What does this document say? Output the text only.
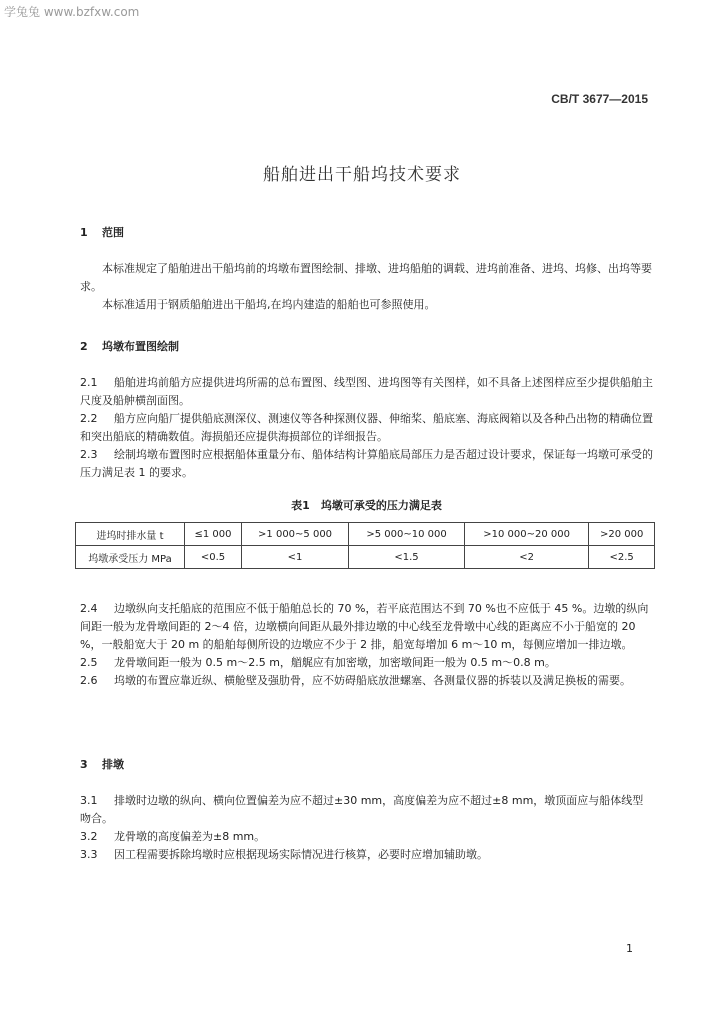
学兔兔 www.bzfxw.com
CB/T 3677—2015
船舶进出干船坞技术要求
1 范围

本标准规定了船舶进出干船坞前的坞墩布置图绘制、排墩、进坞船舶的调载、进坞前准备、进坞、坞修、出坞等要求。

本标准适用于钢质船舶进出干船坞,在坞内建造的船舶也可参照使用。

2 坞墩布置图绘制

2.1 船舶进坞前船方应提供进坞所需的总布置图、线型图、进坞图等有关图样，如不具备上述图样应至少提供船舶主尺度及船舯横剖面图。

2.2 船方应向船厂提供船底测深仪、测速仪等各种探测仪器、伸缩桨、船底塞、海底阀箱以及各种凸出物的精确位置和突出船底的精确数值。海损船还应提供海损部位的详细报告。

2.3 绘制坞墩布置图时应根据船体重量分布、船体结构计算船底局部压力是否超过设计要求，保证每一坞墩可承受的压力满足表 1 的要求。

表1　坞墩可承受的压力满足表
进坞时排水量 t	≤1 000	>1 000~5 000	>5 000~10 000	>10 000~20 000	>20 000
坞墩承受压力 MPa	<0.5	<1	<1.5	<2	<2.5

2.4 边墩纵向支托船底的范围应不低于船舶总长的 70 %，若平底范围达不到 70 %也不应低于 45 %。边墩的纵向间距一般为龙骨墩间距的 2～4 倍，边墩横向间距从最外排边墩的中心线至龙骨墩中心线的距离应不小于船宽的 20 %，一般船宽大于 20 m 的船舶每侧所设的边墩应不少于 2 排，船宽每增加 6 m～10 m，每侧应增加一排边墩。

2.5 龙骨墩间距一般为 0.5 m～2.5 m，艏艉应有加密墩，加密墩间距一般为 0.5 m～0.8 m。

2.6 坞墩的布置应靠近纵、横舱壁及强肋骨，应不妨碍船底放泄螺塞、各测量仪器的拆装以及满足换板的需要。

3 排墩

3.1 排墩时边墩的纵向、横向位置偏差为应不超过±30 mm，高度偏差为应不超过±8 mm，墩顶面应与船体线型吻合。

3.2 龙骨墩的高度偏差为±8 mm。

3.3 因工程需要拆除坞墩时应根据现场实际情况进行核算，必要时应增加辅助墩。

1
